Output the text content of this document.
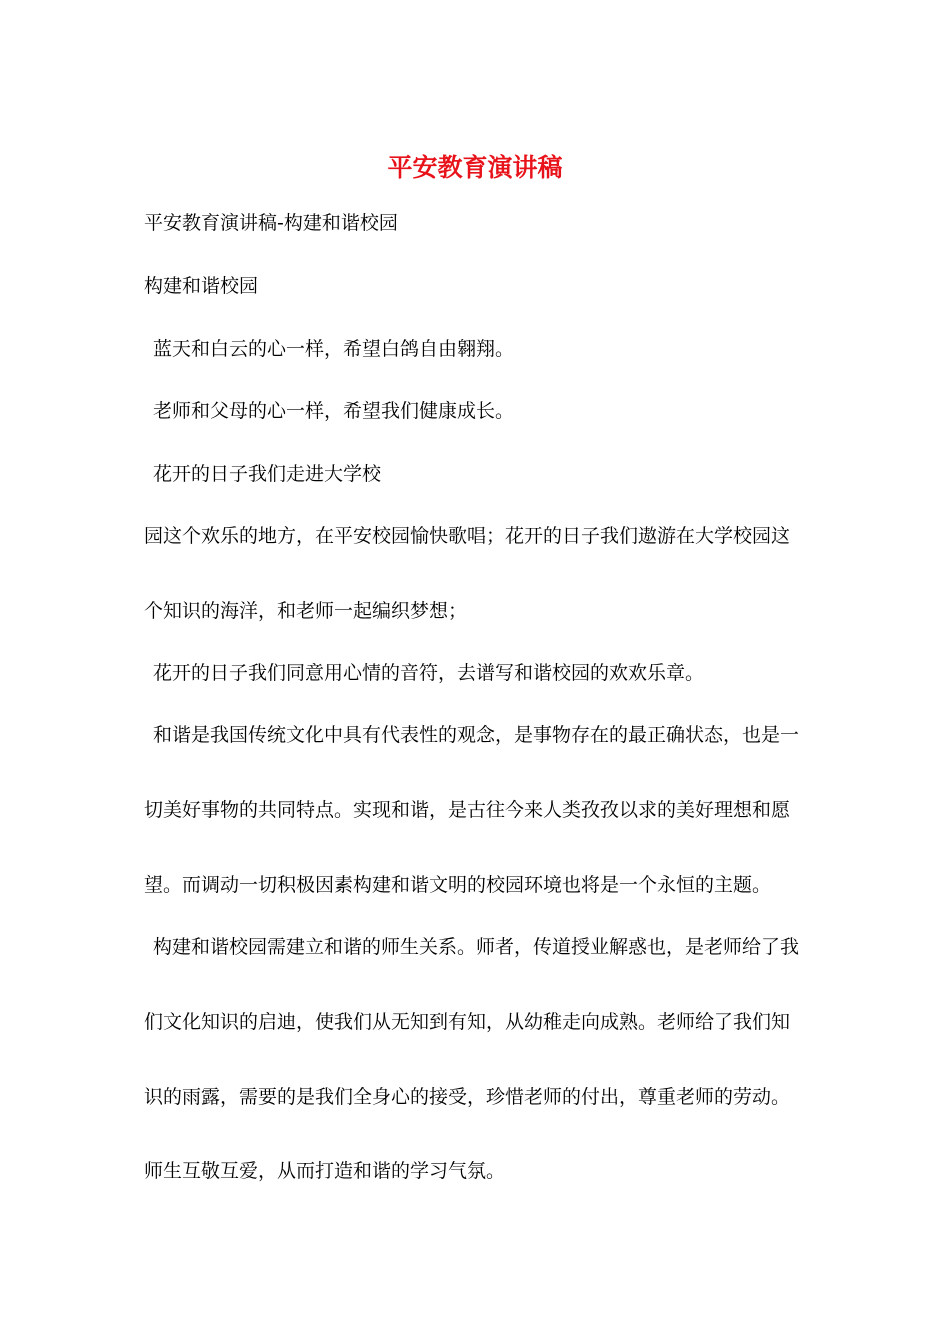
平安教育演讲稿
平安教育演讲稿-构建和谐校园
构建和谐校园
蓝天和白云的心一样，希望白鸽自由翱翔。
老师和父母的心一样，希望我们健康成长。
花开的日子我们走进大学校
园这个欢乐的地方，在平安校园愉快歌唱；花开的日子我们遨游在大学校园这
个知识的海洋，和老师一起编织梦想；
花开的日子我们同意用心情的音符，去谱写和谐校园的欢欢乐章。
和谐是我国传统文化中具有代表性的观念，是事物存在的最正确状态，也是一
切美好事物的共同特点。实现和谐，是古往今来人类孜孜以求的美好理想和愿
望。而调动一切积极因素构建和谐文明的校园环境也将是一个永恒的主题。
构建和谐校园需建立和谐的师生关系。师者，传道授业解惑也，是老师给了我
们文化知识的启迪，使我们从无知到有知，从幼稚走向成熟。老师给了我们知
识的雨露，需要的是我们全身心的接受，珍惜老师的付出，尊重老师的劳动。
师生互敬互爱，从而打造和谐的学习气氛。
